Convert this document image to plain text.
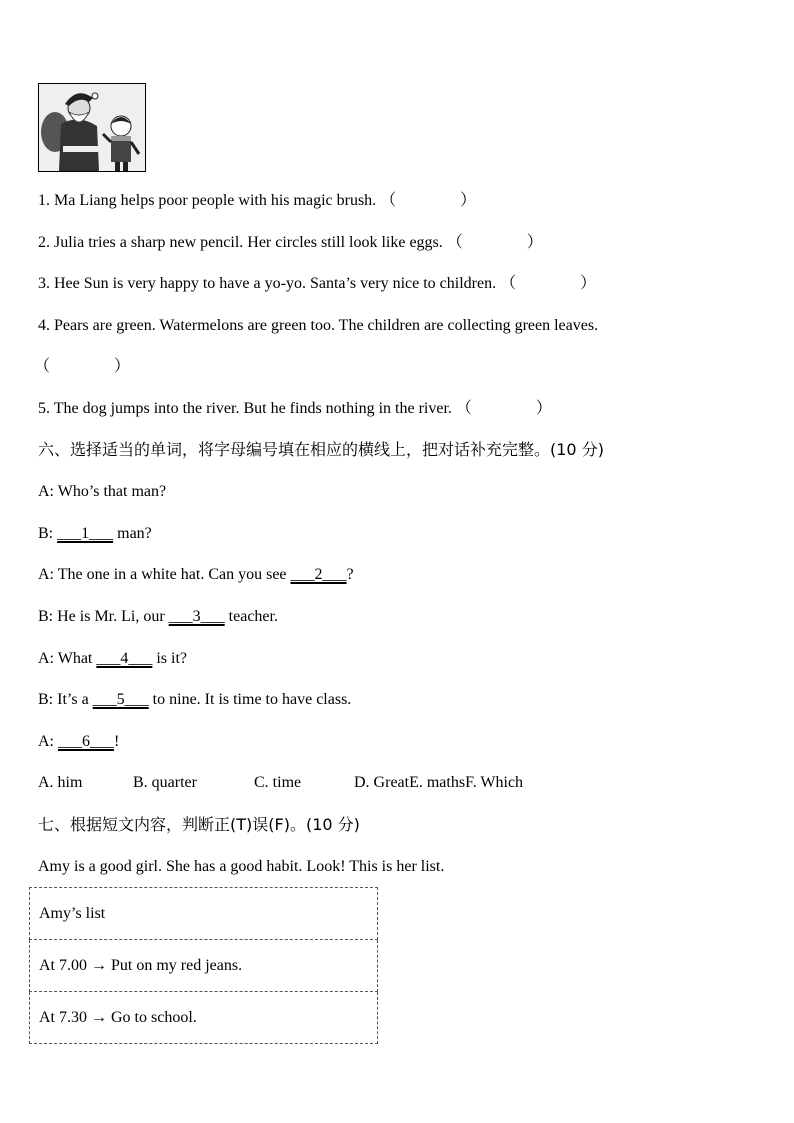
1. Ma Liang helps poor people with his magic brush. （　　　　）
2. Julia tries a sharp new pencil. Her circles still look like eggs. （　　　　）
3. Hee Sun is very happy to have a yo-yo. Santa’s very nice to children. （　　　　）
4. Pears are green. Watermelons are green too. The children are collecting green leaves.
（　　　　）
5. The dog jumps into the river. But he finds nothing in the river. （　　　　）
六、选择适当的单词，将字母编号填在相应的横线上，把对话补充完整。(10 分)
A: Who’s that man?
B: ___1___ man?
A: The one in a white hat. Can you see ___2___?
B: He is Mr. Li, our ___3___ teacher.
A: What ___4___ is it?
B: It’s a ___5___ to nine. It is time to have class.
A: ___6___!
A. him	B. quarter	C. time	D. GreatE. mathsF. Which
七、根据短文内容，判断正(T)误(F)。(10 分)
Amy is a good girl. She has a good habit. Look! This is her list.
Amy’s list
At 7.00 → Put on my red jeans.
At 7.30 → Go to school.
